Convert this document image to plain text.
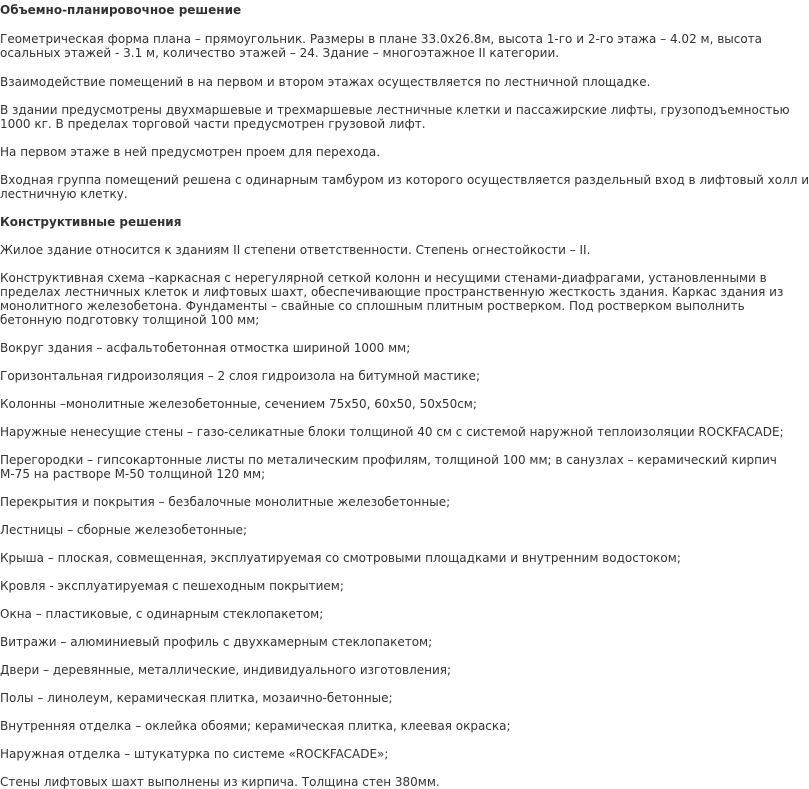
Объемно-планировочное решение
Геометрическая форма плана – прямоугольник. Размеры в плане 33.0x26.8м, высота 1-го и 2-го этажа – 4.02 м, высота
осальных этажей - 3.1 м, количество этажей – 24. Здание – многоэтажное II категории.
Взаимодействие помещений в на первом и втором этажах осуществляется по лестничной площадке.
В здании предусмотрены двухмаршевые и трехмаршевые лестничные клетки и пассажирские лифты, грузоподъемностью
1000 кг. В пределах торговой части предусмотрен грузовой лифт.
На первом этаже в ней предусмотрен проем для перехода.
Входная группа помещений решена с одинарным тамбуром из которого осуществляется раздельный вход в лифтовый холл и
лестничную клетку.
Конструктивные решения
Жилое здание относится к зданиям II степени ответственности. Степень огнестойкости – II.
Конструктивная схема –каркасная с нерегулярной сеткой колонн и несущими стенами-диафрагами, установленными в
пределах лестничных клеток и лифтовых шахт, обеспечивающие пространственную жесткость здания. Каркас здания из
монолитного железобетона. Фундаменты – свайные со сплошным плитным ростверком. Под ростверком выполнить
бетонную подготовку толщиной 100 мм;
Вокруг здания – асфальтобетонная отмостка шириной 1000 мм;
Горизонтальная гидроизоляция – 2 слоя гидроизола на битумной мастике;
Колонны –монолитные железобетонные, сечением 75х50, 60х50, 50х50см;
Наружные ненесущие стены – газо-селикатные блоки толщиной 40 см с системой наружной теплоизоляции ROCKFACADE;
Перегородки – гипсокартонные листы по металическим профилям, толщиной 100 мм; в санузлах – керамический кирпич
М-75 на растворе М-50 толщиной 120 мм;
Перекрытия и покрытия – безбалочные монолитные железобетонные;
Лестницы – сборные железобетонные;
Крыша – плоская, совмещенная, эксплуатируемая со смотровыми площадками и внутренним водостоком;
Кровля - эксплуатируемая с пешеходным покрытием;
Окна – пластиковые, с одинарным стеклопакетом;
Витражи – алюминиевый профиль с двухкамерным стеклопакетом;
Двери – деревянные, металлические, индивидуального изготовления;
Полы – линолеум, керамическая плитка, мозаично-бетонные;
Внутренняя отделка – оклейка обоями; керамическая плитка, клеевая окраска;
Наружная отделка – штукатурка по системе «ROCKFACADE»;
Стены лифтовых шахт выполнены из кирпича. Толщина стен 380мм.
